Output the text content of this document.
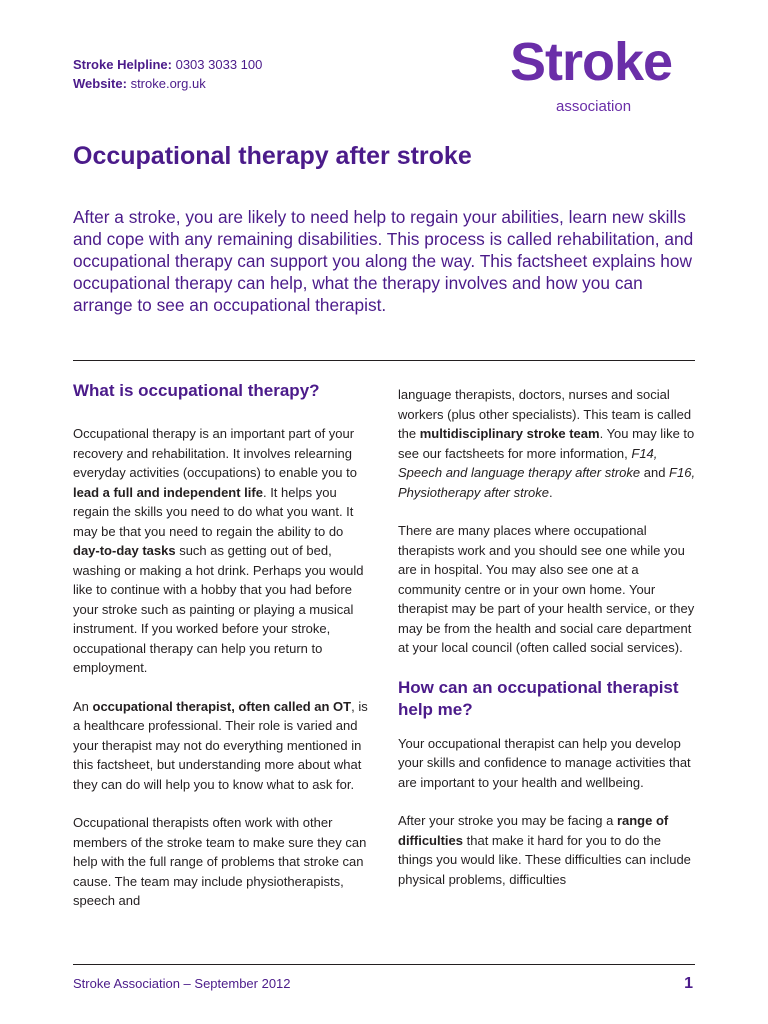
Stroke Helpline: 0303 3033 100
Website: stroke.org.uk	Stroke
association
Occupational therapy after stroke

After a stroke, you are likely to need help to regain your abilities, learn new skills and cope with any remaining disabilities. This process is called rehabilitation, and occupational therapy can support you along the way. This factsheet explains how occupational therapy can help, what the therapy involves and how you can arrange to see an occupational therapist.

What is occupational therapy?

Occupational therapy is an important part of your recovery and rehabilitation. It involves relearning everyday activities (occupations) to enable you to lead a full and independent life. It helps you regain the skills you need to do what you want. It may be that you need to regain the ability to do day-to-day tasks such as getting out of bed, washing or making a hot drink. Perhaps you would like to continue with a hobby that you had before your stroke such as painting or playing a musical instrument. If you worked before your stroke, occupational therapy can help you return to employment.

An occupational therapist, often called an OT, is a healthcare professional. Their role is varied and your therapist may not do everything mentioned in this factsheet, but understanding more about what they can do will help you to know what to ask for.

Occupational therapists often work with other members of the stroke team to make sure they can help with the full range of problems that stroke can cause. The team may include physiotherapists, speech and

language therapists, doctors, nurses and social workers (plus other specialists). This team is called the multidisciplinary stroke team. You may like to see our factsheets for more information, F14, Speech and language therapy after stroke and F16, Physiotherapy after stroke.

There are many places where occupational therapists work and you should see one while you are in hospital. You may also see one at a community centre or in your own home. Your therapist may be part of your health service, or they may be from the health and social care department at your local council (often called social services).

How can an occupational therapist help me?

Your occupational therapist can help you develop your skills and confidence to manage activities that are important to your health and wellbeing.

After your stroke you may be facing a range of difficulties that make it hard for you to do the things you would like. These difficulties can include physical problems, difficulties

Stroke Association – September 2012	1
